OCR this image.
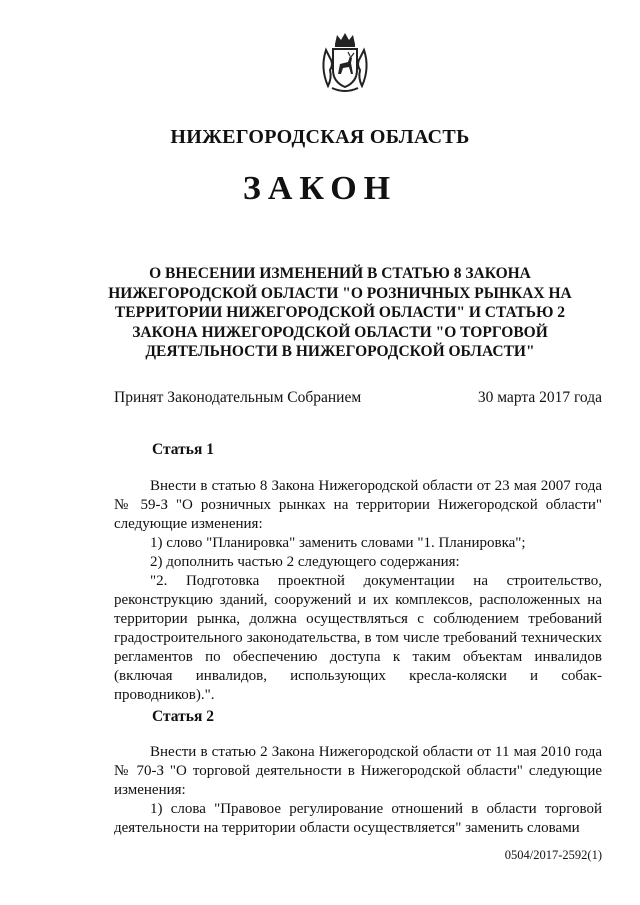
НИЖЕГОРОДСКАЯ ОБЛАСТЬ
ЗАКОН
О ВНЕСЕНИИ ИЗМЕНЕНИЙ В СТАТЬЮ 8 ЗАКОНА
НИЖЕГОРОДСКОЙ ОБЛАСТИ "О РОЗНИЧНЫХ РЫНКАХ НА
ТЕРРИТОРИИ НИЖЕГОРОДСКОЙ ОБЛАСТИ" И СТАТЬЮ 2
ЗАКОНА НИЖЕГОРОДСКОЙ ОБЛАСТИ "О ТОРГОВОЙ
ДЕЯТЕЛЬНОСТИ В НИЖЕГОРОДСКОЙ ОБЛАСТИ"
Принят Законодательным Собранием	30 марта 2017 года
Статья 1

Внести в статью 8 Закона Нижегородской области от 23 мая 2007 года № 59-З "О розничных рынках на территории Нижегородской области" следующие изменения:

1) слово "Планировка" заменить словами "1. Планировка";

2) дополнить частью 2 следующего содержания:

"2. Подготовка проектной документации на строительство, реконструкцию зданий, сооружений и их комплексов, расположенных на территории рынка, должна осуществляться с соблюдением требований градостроительного законодательства, в том числе требований технических регламентов по обеспечению доступа к таким объектам инвалидов (включая инвалидов, использующих кресла-коляски и собак-проводников).".

Статья 2

Внести в статью 2 Закона Нижегородской области от 11 мая 2010 года № 70-З "О торговой деятельности в Нижегородской области" следующие изменения:

1) слова "Правовое регулирование отношений в области торговой деятельности на территории области осуществляется" заменить словами

0504/2017-2592(1)
